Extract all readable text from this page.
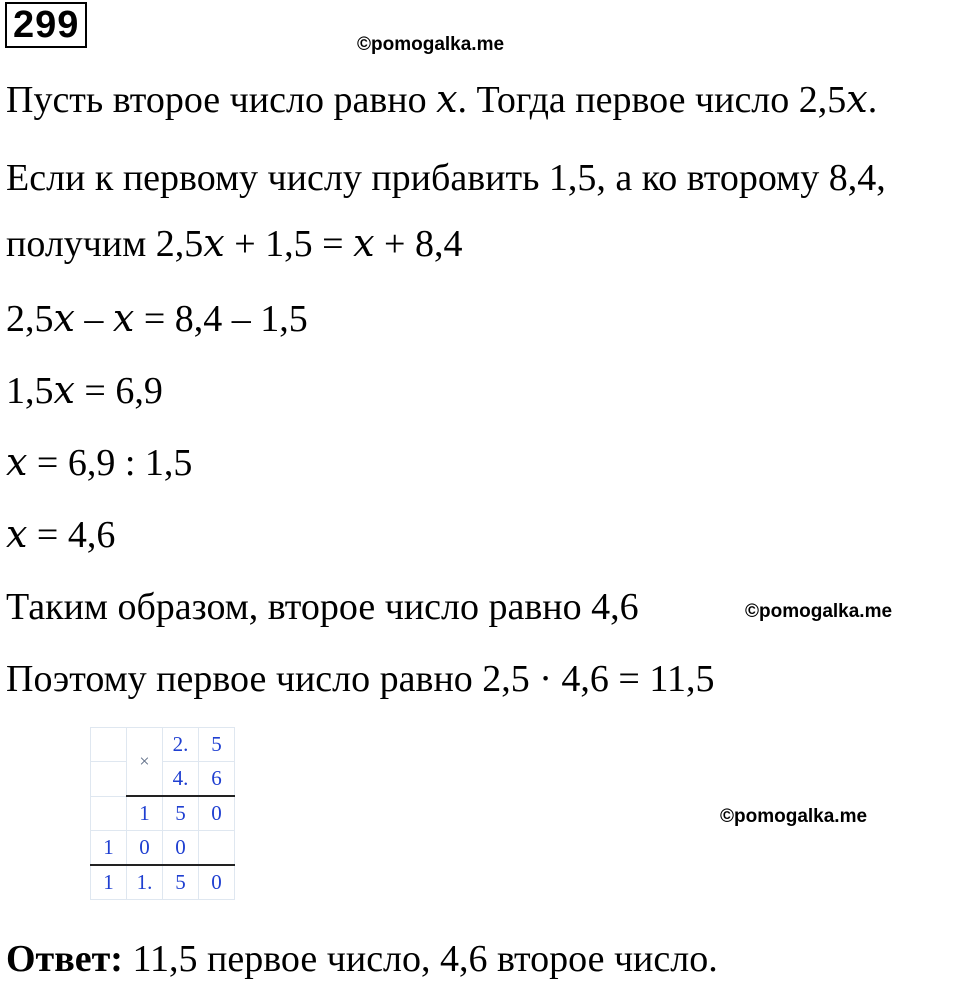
299	©pomogalka.me
Пусть второе число равно 𝑥. Тогда первое число 2,5𝑥.
Если к первому числу прибавить 1,5, а ко второму 8,4,
получим 2,5𝑥 + 1,5 = 𝑥 + 8,4
2,5𝑥 – 𝑥 = 8,4 – 1,5
1,5𝑥 = 6,9
𝑥 = 6,9 : 1,5
𝑥 = 4,6
Таким образом, второе число равно 4,6	©pomogalka.me
Поэтому первое число равно 2,5 · 4,6 = 11,5
	×	2.	5
		4.	6
	1	5	0
1	0	0	
1	1.	5	0
©pomogalka.me
Ответ: 11,5 первое число, 4,6 второе число.
